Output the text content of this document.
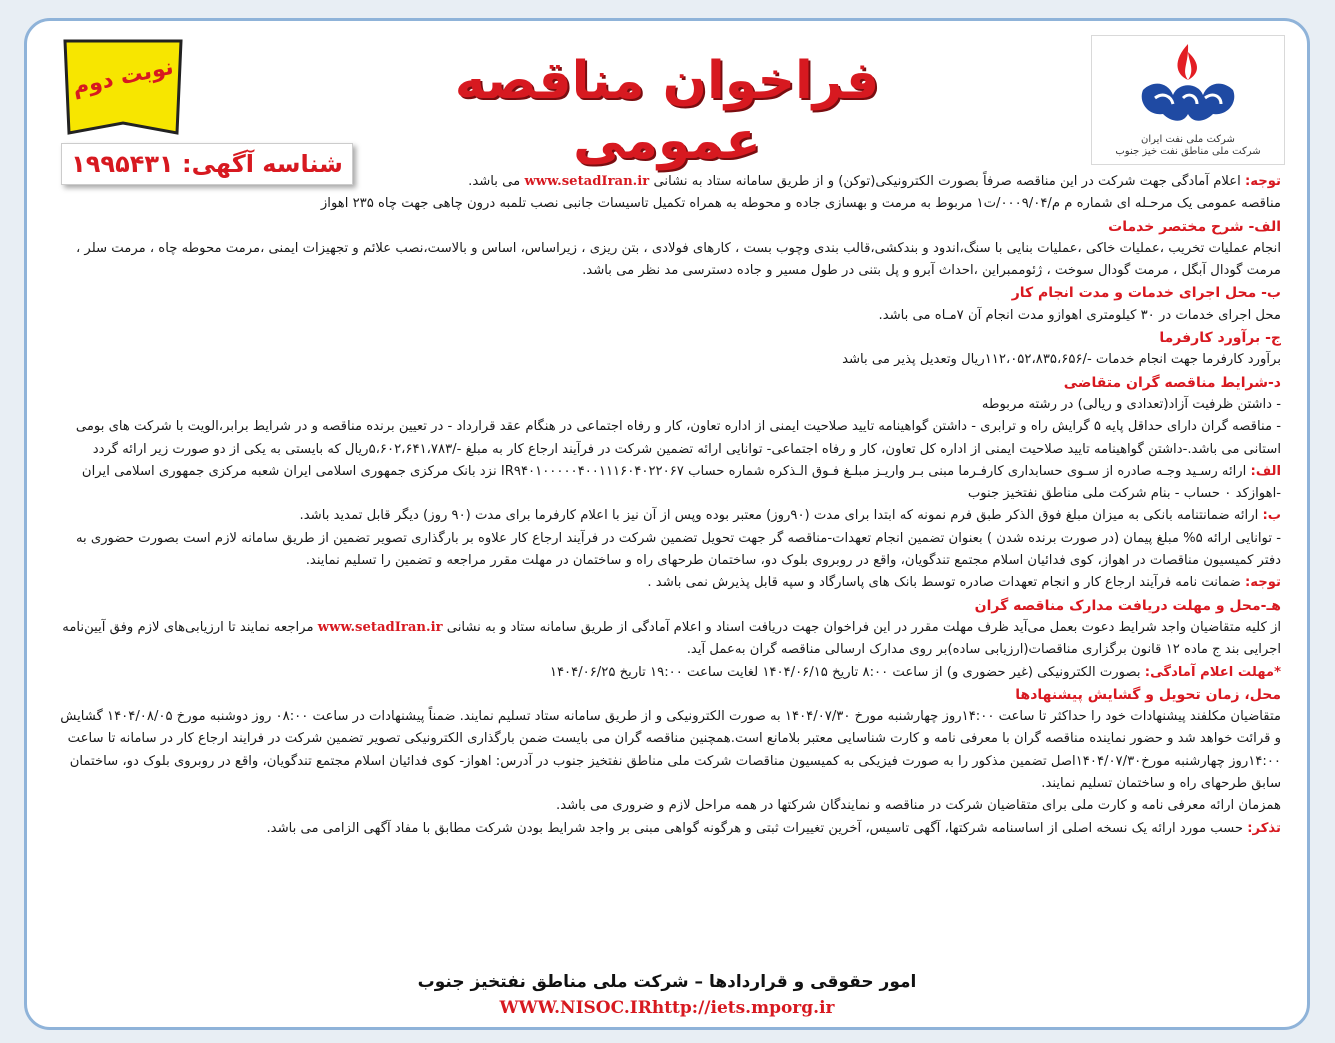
نوبت دوم	فراخوان مناقصه عمومی	شرکت ملی نفت ایران
شرکت ملی مناطق نفت خیز جنوب
شناسه آگهی: ۱۹۹۵۴۳۱

توجه: اعلام آمادگی جهت شرکت در این مناقصه صرفاً بصورت الکترونیکی(توکن) و از طریق سامانه ستاد به نشانی www.setadIran.ir می باشد.

مناقصه عمومی یک مرحـله ای شماره م م/۰۰۰۹/۰۴/ت۱ مربوط به مرمت و بهسازی جاده و محوطه به همراه تکمیل تاسیسات جانبی نصب تلمبه درون چاهی جهت چاه ۲۳۵ اهواز

الف- شرح مختصر خدمات

انجام عملیات تخریب ،عملیات خاکی ،عملیات بنایی با سنگ،اندود و بندکشی،قالب بندی وچوب بست ، کارهای فولادی ، بتن ریزی ، زیراساس، اساس و بالاست،نصب علائم و تجهیزات ایمنی ،مرمت محوطه چاه ، مرمت سلر ، مرمت گودال آبگل ، مرمت گودال سوخت ، ژئوممبراین ،احداث آبرو و پل بتنی در طول مسیر و جاده دسترسی مد نظر می باشد.

ب- محل اجرای خدمات و مدت انجام کار

محل اجرای خدمات در ۳۰ کیلومتری اهوازو مدت انجام آن ۷مـاه می باشد.

ج- برآورد کارفرما

برآورد کارفرما جهت انجام خدمات -/۱۱۲،۰۵۲،۸۳۵،۶۵۶ریال وتعدیل پذیر می باشد

د-شرایط مناقصه گران متقاضی

- داشتن ظرفیت آزاد(تعدادی و ریالی) در رشته مربوطه

- مناقصه گران دارای حداقل پایه ۵ گرایش راه و ترابری - داشتن گواهینامه تایید صلاحیت ایمنی از اداره تعاون، کار و رفاه اجتماعی در هنگام عقد قرارداد - در تعیین برنده مناقصه و در شرایط برابر،الویت با شرکت های بومی استانی می باشد.-داشتن گواهینامه تایید صلاحیت ایمنی از اداره کل تعاون، کار و رفاه اجتماعی- توانایی ارائه تضمین شرکت در فرآیند ارجاع کار به مبلغ -/۵،۶۰۲،۶۴۱،۷۸۳ریال که بایستی به یکی از دو صورت زیر ارائه گردد

الف: ارائه رسـید وجـه صادره از سـوی حسابداری کارفـرما مبنی بـر واریـز مبلـغ فـوق الـذکره شماره حساب IR۹۴۰۱۰۰۰۰۰۴۰۰۱۱۱۶۰۴۰۲۲۰۶۷ نزد بانک مرکزی جمهوری اسلامی ایران شعبه مرکزی جمهوری اسلامی ایران -اهوازکد ۰ حساب - بنام شرکت ملی مناطق نفتخیز جنوب

ب: ارائه ضمانتنامه بانکی به میزان مبلغ فوق الذکر طبق فرم نمونه که ابتدا برای مدت (۹۰روز) معتبر بوده وپس از آن نیز با اعلام کارفرما برای مدت (۹۰ روز) دیگر قابل تمدید باشد.

- توانایی ارائه ۵% مبلغ پیمان (در صورت برنده شدن ) بعنوان تضمین انجام تعهدات-مناقصه گر جهت تحویل تضمین شرکت در فرآیند ارجاع کار علاوه بر بارگذاری تصویر تضمین از طریق سامانه لازم است بصورت حضوری به دفتر کمیسیون مناقصات در اهواز، کوی فدائیان اسلام مجتمع تندگویان، واقع در روبروی بلوک دو، ساختمان طرحهای راه و ساختمان در مهلت مقرر مراجعه و تضمین را تسلیم نمایند.

توجه: ضمانت نامه فرآیند ارجاع کار و انجام تعهدات صادره توسط بانک های پاسارگاد و سپه قابل پذیرش نمی باشد .

هـ-محل و مهلت دریافت مدارک مناقصه گران

از کلیه متقاضیان واجد شرایط دعوت بعمل می‌آید ظرف مهلت مقرر در این فراخوان جهت دریافت اسناد و اعلام آمادگی از طریق سامانه ستاد و به نشانی www.setadIran.ir مراجعه نمایند تا ارزیابی‌های لازم وفق آیین‌نامه اجرایی بند ج ماده ۱۲ قانون برگزاری مناقصات(ارزیابی ساده)بر روی مدارک ارسالی مناقصه گران به‌عمل آید.

*مهلت اعلام آمادگی: بصورت الکترونیکی (غیر حضوری و) از ساعت ۸:۰۰ تاریخ ۱۴۰۴/۰۶/۱۵ لغایت ساعت ۱۹:۰۰ تاریخ ۱۴۰۴/۰۶/۲۵

محل، زمان تحویل و گشایش پیشنهادها

متقاضیان مکلفند پیشنهادات خود را حداکثر تا ساعت ۱۴:۰۰روز چهارشنبه مورخ ۱۴۰۴/۰۷/۳۰ به صورت الکترونیکی و از طریق سامانه ستاد تسلیم نمایند. ضمناً پیشنهادات در ساعت ۰۸:۰۰ روز دوشنبه مورخ ۱۴۰۴/۰۸/۰۵ گشایش و قرائت خواهد شد و حضور نماینده مناقصه گران با معرفی نامه و کارت شناسایی معتبر بلامانع است.همچنین مناقصه گران می بایست ضمن بارگذاری الکترونیکی تصویر تضمین شرکت در فرایند ارجاع کار در سامانه تا ساعت ۱۴:۰۰روز چهارشنبه مورخ۱۴۰۴/۰۷/۳۰اصل تضمین مذکور را به صورت فیزیکی به کمیسیون مناقصات شرکت ملی مناطق نفتخیز جنوب در آدرس: اهواز- کوی فدائیان اسلام مجتمع تندگویان، واقع در روبروی بلوک دو، ساختمان سابق طرحهای راه و ساختمان تسلیم نمایند.

همزمان ارائه معرفی نامه و کارت ملی برای متقاضیان شرکت در مناقصه و نمایندگان شرکتها در همه مراحل لازم و ضروری می باشد.

تذکر: حسب مورد ارائه یک نسخه اصلی از اساسنامه شرکتها، آگهی تاسیس، آخرین تغییرات ثبتی و هرگونه گواهی مبنی بر واجد شرایط بودن شرکت مطابق با مفاد آگهی الزامی می باشد.

امور حقوقی و قراردادها – شرکت ملی مناطق نفتخیز جنوب
WWW.NISOC.IRhttp://iets.mporg.ir
